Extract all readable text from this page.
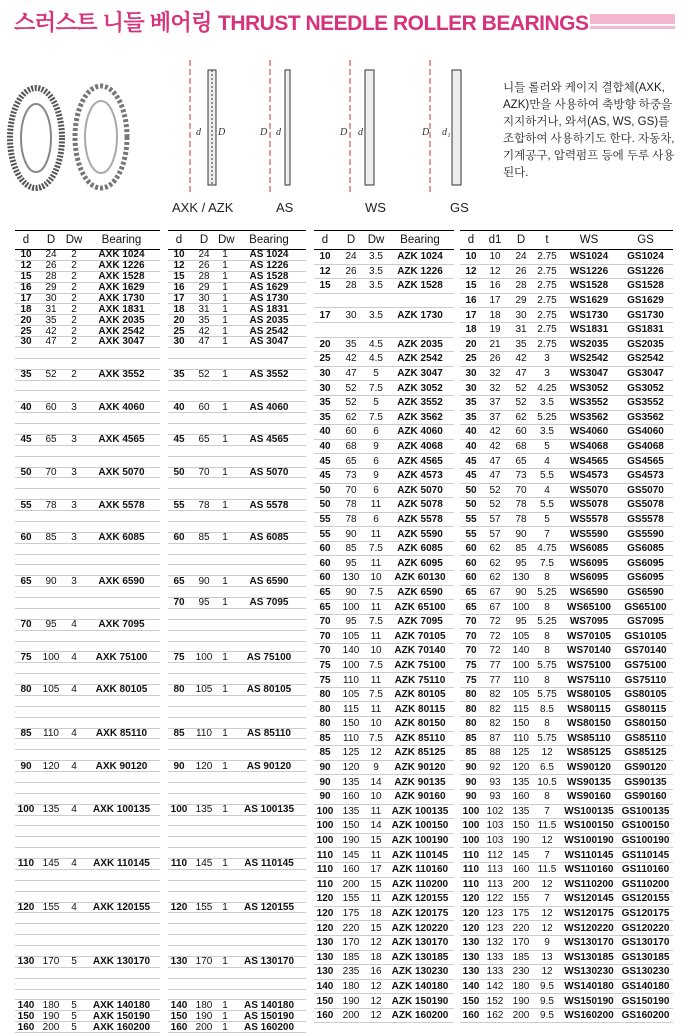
스러스트 니들 베어링 THRUST NEEDLE ROLLER BEARINGS
d D	d
D	d
D	d₁
D
AXK / AZK	AS	WS	GS
니들 롤러와 케이지 결합체(AXK, AZK)만을 사용하여 축방향 하중을 지지하거나, 와셔(AS, WS, GS)를 조합하여 사용하기도 한다. 자동차, 기계공구, 압력펌프 등에 두루 사용된다.
d	D Dw	Bearing
10	24	2	AXK 1024
12	26	2	AXK 1226
15	28	2	AXK 1528
16	29	2	AXK 1629
17	30	2	AXK 1730
18	31	2	AXK 1831
20	35	2	AXK 2035
25	42	2	AXK 2542
30	47	2	AXK 3047
35	52	2	AXK 3552
40	60	3	AXK 4060
45	65	3	AXK 4565
50	70	3	AXK 5070
55	78	3	AXK 5578
60	85	3	AXK 6085
65	90	3	AXK 6590
70	95	4	AXK 7095
75	100	4	AXK 75100
80	105	4	AXK 80105
85	110	4	AXK 85110
90	120	4	AXK 90120
100 135	4	AXK 100135
110 145	4	AXK 110145
120 155	4	AXK 120155
130 170	5	AXK 130170
140 180	5	AXK 140180
150 190	5	AXK 150190
160 200	5	AXK 160200
d	D Dw	Bearing
10	24	1	AS 1024
12	26	1	AS 1226
15	28	1	AS 1528
16	29	1	AS 1629
17	30	1	AS 1730
18	31	1	AS 1831
20	35	1	AS 2035
25	42	1	AS 2542
30	47	1	AS 3047
35	52	1	AS 3552
40	60	1	AS 4060
45	65	1	AS 4565
50	70	1	AS 5070
55	78	1	AS 5578
60	85	1	AS 6085
65	90	1	AS 6590
70	95	1	AS 7095
75	100 1	AS 75100
80	105 1	AS 80105
85	110	1	AS 85110
90	120 1	AS 90120
100 135 1	AS 100135
110 145 1	AS 110145
120 155 1	AS 120155
130 170 1	AS 130170
140 180 1	AS 140180
150 190 1	AS 150190
160 200 1	AS 160200
d	D	Dw	Bearing
10	24	3.5	AZK 1024
12	26	3.5	AZK 1226
15	28	3.5	AZK 1528
17	30	3.5	AZK 1730
20	35	4.5	AZK 2035
25	42	4.5	AZK 2542
30	47	5	AZK 3047
30	52	7.5	AZK 3052
35	52	5	AZK 3552
35	62	7.5	AZK 3562
40	60	6	AZK 4060
40	68	9	AZK 4068
45	65	6	AZK 4565
45	73	9	AZK 4573
50	70	6	AZK 5070
50	78	11	AZK 5078
55	78	6	AZK 5578
55	90	11	AZK 5590
60	85	7.5	AZK 6085
60	95	11	AZK 6095
60	130	10	AZK 60130
65	90	7.5	AZK 6590
65	100	11	AZK 65100
70	95	7.5	AZK 7095
70	105	11	AZK 70105
70	140	10	AZK 70140
75	100 7.5	AZK 75100
75	110	11	AZK 75110
80	105 7.5	AZK 80105
80	115	11	AZK 80115
80	150	10	AZK 80150
85	110	7.5	AZK 85110
85	125	12	AZK 85125
90	120	9	AZK 90120
90	135	14	AZK 90135
90	160	10	AZK 90160
100 135	11	AZK 100135
100 150	14	AZK 100150
100 190	15	AZK 100190
110 145	11	AZK 110145
110 160	17	AZK 110160
110 200	15	AZK 110200
120 155	11	AZK 120155
120 175	18	AZK 120175
120 220	15	AZK 120220
130 170	12	AZK 130170
130 185	18	AZK 130185
130 235	16	AZK 130230
140 180	12	AZK 140180
150 190	12	AZK 150190
160 200	12	AZK 160200
d	d1	D	t	WS	GS
10	10	24	2.75	WS1024	GS1024
12	12	26	2.75	WS1226	GS1226
15	16	28	2.75	WS1528	GS1528
16	17	29	2.75	WS1629	GS1629
17	18	30	2.75	WS1730	GS1730
18	19	31	2.75	WS1831	GS1831
20	21	35	2.75	WS2035	GS2035
25	26	42	3	WS2542	GS2542
30	32	47	3	WS3047	GS3047
30	32	52	4.25	WS3052	GS3052
35	37	52	3.5	WS3552	GS3552
35	37	62	5.25	WS3562	GS3562
40	42	60	3.5	WS4060	GS4060
40	42	68	5	WS4068	GS4068
45	47	65	4	WS4565	GS4565
45	47	73	5.5	WS4573	GS4573
50	52	70	4	WS5070	GS5070
50	52	78	5.5	WS5078	GS5078
55	57	78	5	WS5578	GS5578
55	57	90	7	WS5590	GS5590
60	62	85	4.75	WS6085	GS6085
60	62	95	7.5	WS6095	GS6095
60	62	130	8	WS6095	GS6095
65	67	90	5.25	WS6590	GS6590
65	67	100	8	WS65100	GS65100
70	72	95	5.25	WS7095	GS7095
70	72	105	8	WS70105	GS10105
70	72	140	8	WS70140	GS70140
75	77	100 5.75	WS75100	GS75100
75	77	110	8	WS75110	GS75110
80	82	105 5.75	WS80105	GS80105
80	82	115	8.5	WS80115	GS80115
80	82	150	8	WS80150	GS80150
85	87	110 5.75	WS85110	GS85110
85	88	125	12	WS85125	GS85125
90	92	120	6.5	WS90120	GS90120
90	93	135 10.5	WS90135	GS90135
90	93	160	8	WS90160	GS90160
100 102 135	7	WS100135 GS100135
100 103 150 11.5 WS100150 GS100150
100 103 190	12	WS100190 GS100190
110 112 145	7	WS110145 GS110145
110 113 160 11.5 WS110160 GS110160
110 113 200	12	WS110200 GS110200
120 122 155	7	WS120145 GS120155
120 123 175	12	WS120175 GS120175
120 123 220	12	WS120220 GS120220
130 132 170	9	WS130170 GS130170
130 133 185	13	WS130185 GS130185
130 133 230	12	WS130230 GS130230
140 142 180	9.5	WS140180 GS140180
150 152 190	9.5	WS150190 GS150190
160 162 200	9.5	WS160200 GS160200
